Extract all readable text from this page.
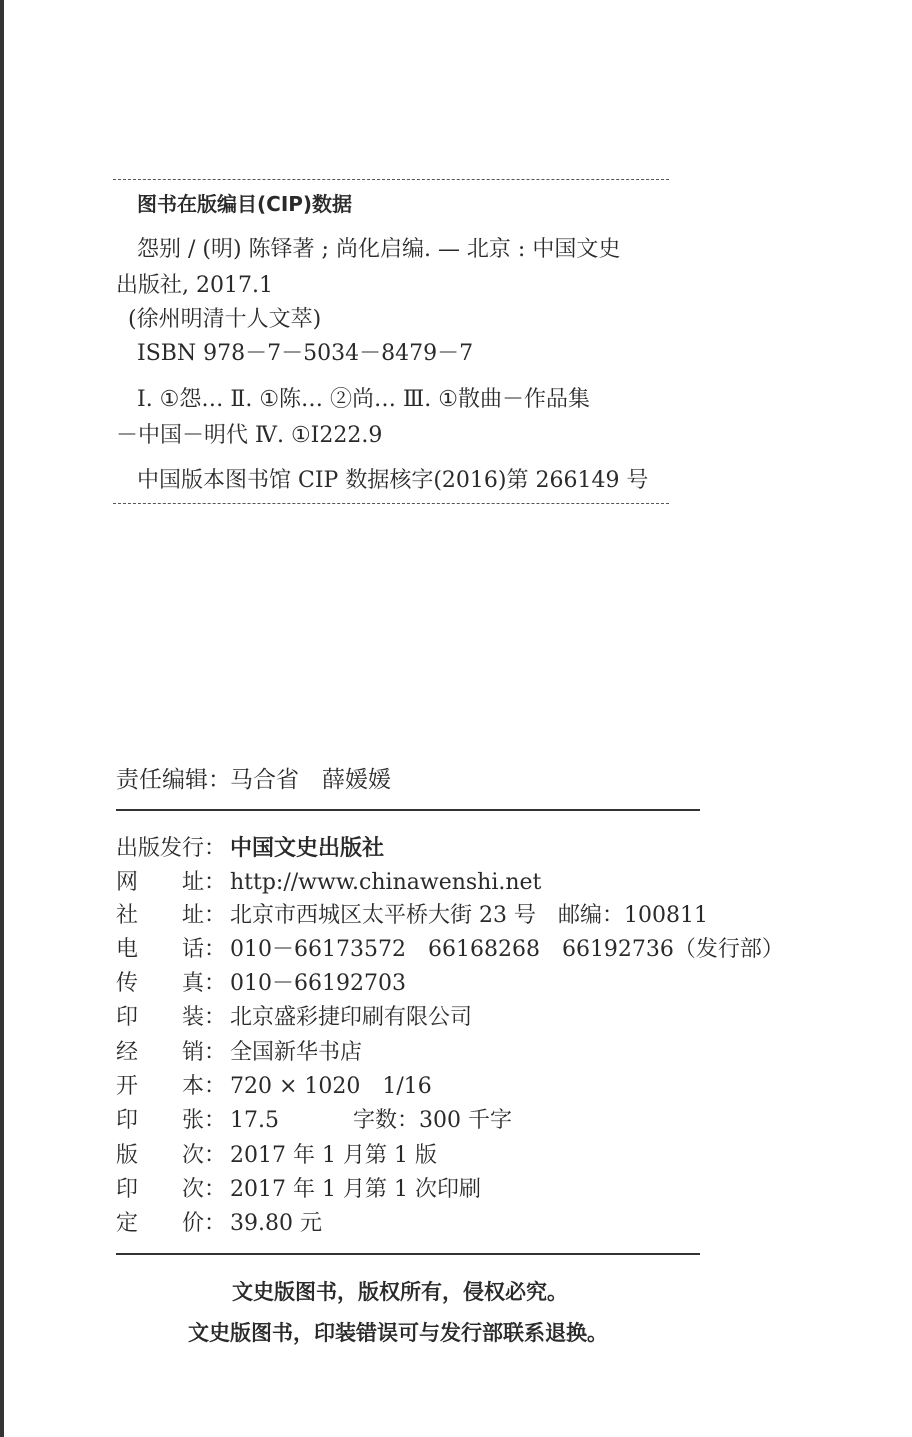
图书在版编目(CIP)数据
怨别 / (明) 陈铎著 ; 尚化启编. — 北京 : 中国文史
出版社, 2017.1
(徐州明清十人文萃)
ISBN 978－7－5034－8479－7
Ⅰ. ①怨… Ⅱ. ①陈… ②尚… Ⅲ. ①散曲－作品集
－中国－明代 Ⅳ. ①I222.9
中国版本图书馆 CIP 数据核字(2016)第 266149 号
责任编辑： 马合省　薛媛媛
出版发行： 中国文史出版社
网　　址： http://www.chinawenshi.net
社　　址： 北京市西城区太平桥大街 23 号　邮编：100811
电　　话： 010－66173572　66168268　66192736（发行部）
传　　真： 010－66192703
印　　装： 北京盛彩捷印刷有限公司
经　　销： 全国新华书店
开　　本： 720 × 1020　1/16
印　　张： 17.5	字数：300 千字
版　　次： 2017 年 1 月第 1 版
印　　次： 2017 年 1 月第 1 次印刷
定　　价： 39.80 元
文史版图书，版权所有，侵权必究。
文史版图书，印装错误可与发行部联系退换。
